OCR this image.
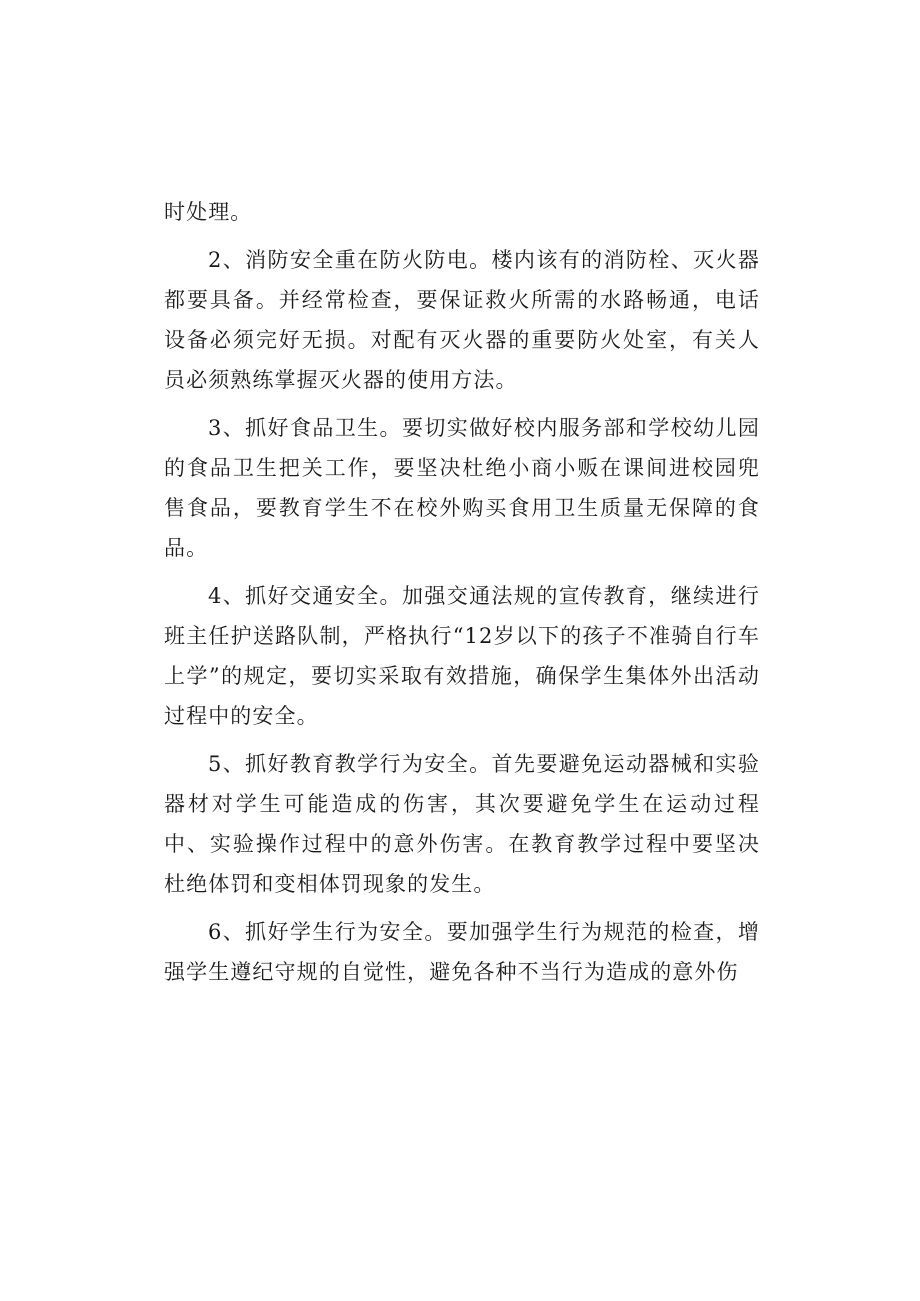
时处理。

2、消防安全重在防火防电。楼内该有的消防栓、灭火器都要具备。并经常检查，要保证救火所需的水路畅通，电话设备必须完好无损。对配有灭火器的重要防火处室，有关人员必须熟练掌握灭火器的使用方法。

3、抓好食品卫生。要切实做好校内服务部和学校幼儿园的食品卫生把关工作，要坚决杜绝小商小贩在课间进校园兜售食品，要教育学生不在校外购买食用卫生质量无保障的食品。

4、抓好交通安全。加强交通法规的宣传教育，继续进行班主任护送路队制，严格执行“12岁以下的孩子不准骑自行车上学”的规定，要切实采取有效措施，确保学生集体外出活动过程中的安全。

5、抓好教育教学行为安全。首先要避免运动器械和实验器材对学生可能造成的伤害，其次要避免学生在运动过程中、实验操作过程中的意外伤害。在教育教学过程中要坚决杜绝体罚和变相体罚现象的发生。

6、抓好学生行为安全。要加强学生行为规范的检查，增强学生遵纪守规的自觉性，避免各种不当行为造成的意外伤
